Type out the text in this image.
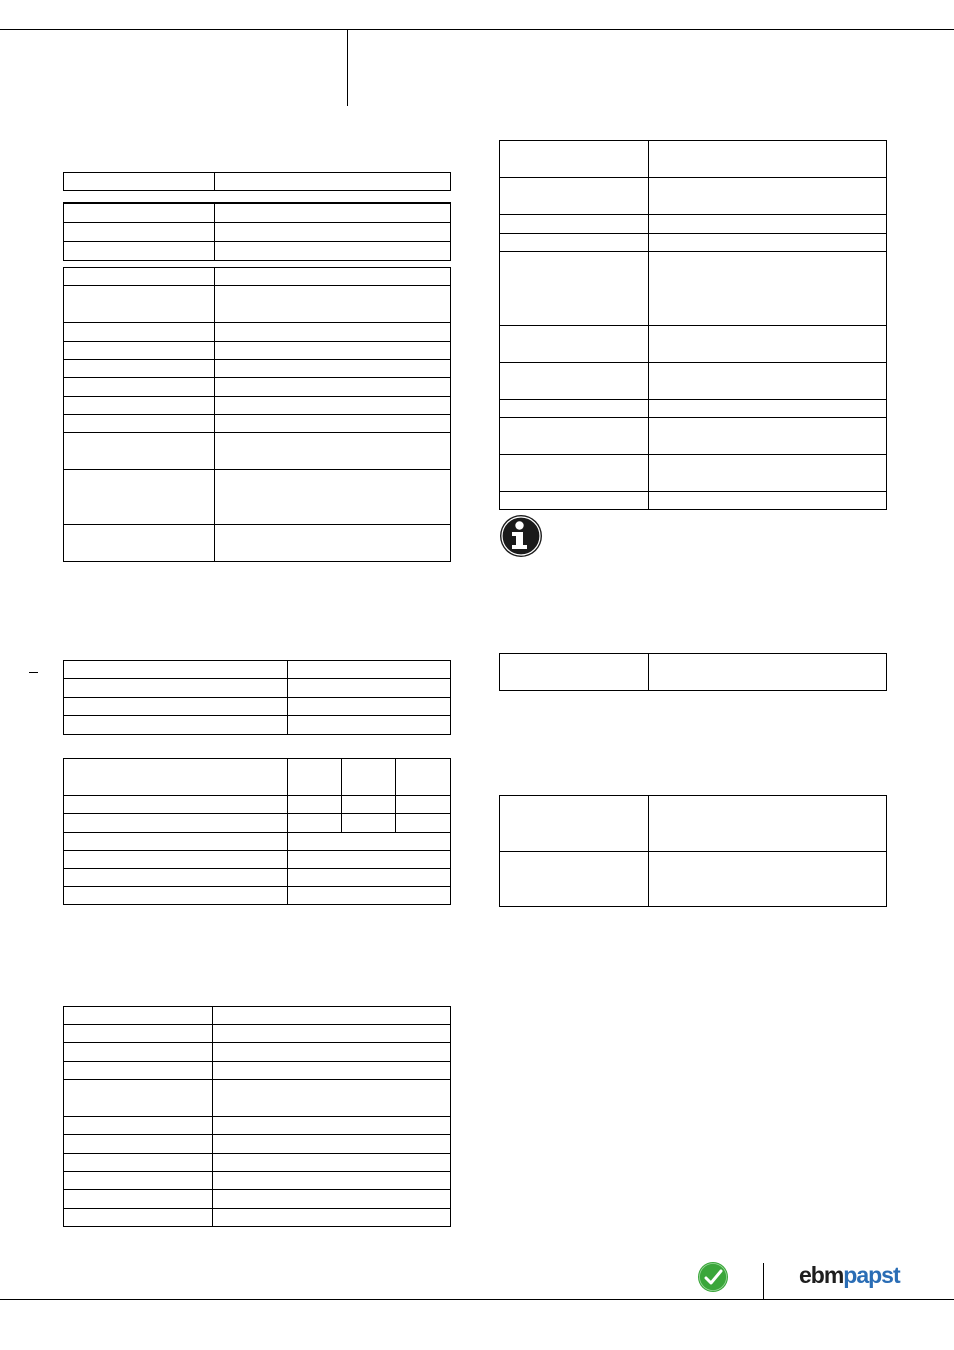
ebmpapst
